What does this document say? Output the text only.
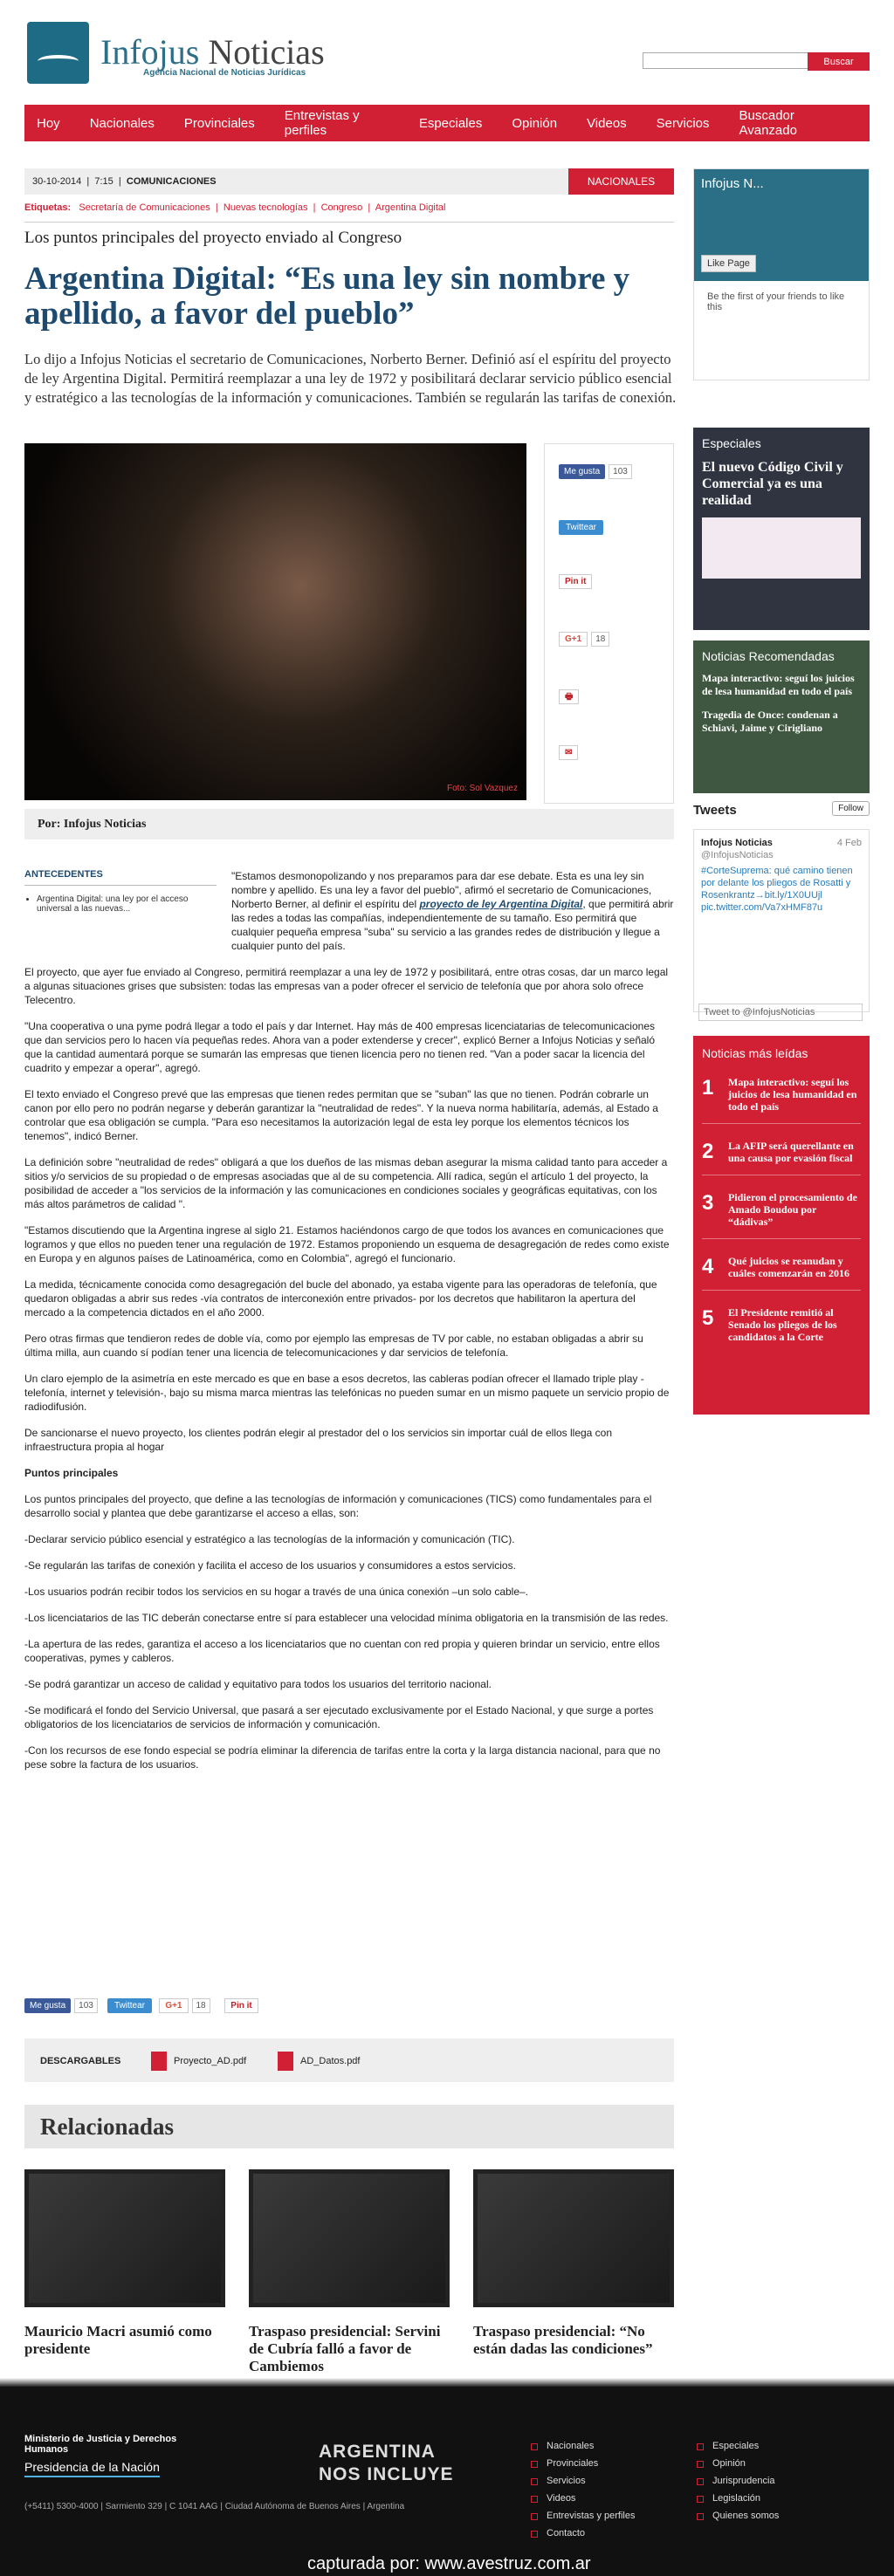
Infojus Noticias
Agencia Nacional de Noticias Jurídicas
Buscar
Hoy Nacionales Provinciales Entrevistas y perfiles	Especiales Opinión Videos Servicios Buscador Avanzado
30-10-2014  |  7:15  |  COMUNICACIONES	NACIONALES
Etiquetas: Secretaría de Comunicaciones  |  Nuevas tecnologías  |  Congreso  |  Argentina Digital
Los puntos principales del proyecto enviado al Congreso
Argentina Digital: “Es una ley sin nombre y apellido, a favor del pueblo”
Lo dijo a Infojus Noticias el secretario de Comunicaciones, Norberto Berner. Definió así el espíritu del proyecto de ley Argentina Digital. Permitirá reemplazar a una ley de 1972 y posibilitará declarar servicio público esencial y estratégico a las tecnologías de la información y comunicaciones. También se regularán las tarifas de conexión.
Foto: Sol Vazquez
Me gusta 103
Twittear
Pin it
G+1 18
🖶
✉
Por: Infojus Noticias
ANTECEDENTES
• Argentina Digital: una ley por el acceso universal a las nuevas...

"Estamos desmonopolizando y nos preparamos para dar ese debate. Esta es una ley sin nombre y apellido. Es una ley a favor del pueblo", afirmó el secretario de Comunicaciones, Norberto Berner, al definir el espíritu del proyecto de ley Argentina Digital, que permitirá abrir las redes a todas las compañías, independientemente de su tamaño. Eso permitirá que cualquier pequeña empresa "suba" su servicio a las grandes redes de distribución y llegue a cualquier punto del país.

El proyecto, que ayer fue enviado al Congreso, permitirá reemplazar a una ley de 1972 y posibilitará, entre otras cosas, dar un marco legal a algunas situaciones grises que subsisten: todas las empresas van a poder ofrecer el servicio de telefonía que por ahora solo ofrece Telecentro.

"Una cooperativa o una pyme podrá llegar a todo el país y dar Internet. Hay más de 400 empresas licenciatarias de telecomunicaciones que dan servicios pero lo hacen vía pequeñas redes. Ahora van a poder extenderse y crecer", explicó Berner a Infojus Noticias y señaló que la cantidad aumentará porque se sumarán las empresas que tienen licencia pero no tienen red. "Van a poder sacar la licencia del cuadrito y empezar a operar", agregó.

El texto enviado el Congreso prevé que las empresas que tienen redes permitan que se "suban" las que no tienen. Podrán cobrarle un canon por ello pero no podrán negarse y deberán garantizar la "neutralidad de redes". Y la nueva norma habilitaría, además, al Estado a controlar que esa obligación se cumpla. "Para eso necesitamos la autorización legal de esta ley porque los elementos técnicos los tenemos", indicó Berner.

La definición sobre "neutralidad de redes" obligará a que los dueños de las mismas deban asegurar la misma calidad tanto para acceder a sitios y/o servicios de su propiedad o de empresas asociadas que al de su competencia. Allí radica, según el artículo 1 del proyecto, la posibilidad de acceder a "los servicios de la información y las comunicaciones en condiciones sociales y geográficas equitativas, con los más altos parámetros de calidad ".

"Estamos discutiendo que la Argentina ingrese al siglo 21. Estamos haciéndonos cargo de que todos los avances en comunicaciones que logramos y que ellos no pueden tener una regulación de 1972. Estamos proponiendo un esquema de desagregación de redes como existe en Europa y en algunos países de Latinoamérica, como en Colombia", agregó el funcionario.

La medida, técnicamente conocida como desagregación del bucle del abonado, ya estaba vigente para las operadoras de telefonía, que quedaron obligadas a abrir sus redes -vía contratos de interconexión entre privados- por los decretos que habilitaron la apertura del mercado a la competencia dictados en el año 2000.

Pero otras firmas que tendieron redes de doble vía, como por ejemplo las empresas de TV por cable, no estaban obligadas a abrir su última milla, aun cuando sí podían tener una licencia de telecomunicaciones y dar servicios de telefonía.

Un claro ejemplo de la asimetría en este mercado es que en base a esos decretos, las cableras podían ofrecer el llamado triple play -telefonía, internet y televisión-, bajo su misma marca mientras las telefónicas no pueden sumar en un mismo paquete un servicio propio de radiodifusión.

De sancionarse el nuevo proyecto, los clientes podrán elegir al prestador del o los servicios sin importar cuál de ellos llega con infraestructura propia al hogar

Puntos principales

Los puntos principales del proyecto, que define a las tecnologías de información y comunicaciones (TICS) como fundamentales para el desarrollo social y plantea que debe garantizarse el acceso a ellas, son:

-Declarar servicio público esencial y estratégico a las tecnologías de la información y comunicación (TIC).

-Se regularán las tarifas de conexión y facilita el acceso de los usuarios y consumidores a estos servicios.

-Los usuarios podrán recibir todos los servicios en su hogar a través de una única conexión –un solo cable–.

-Los licenciatarios de las TIC deberán conectarse entre sí para establecer una velocidad mínima obligatoria en la transmisión de las redes.

-La apertura de las redes, garantiza el acceso a los licenciatarios que no cuentan con red propia y quieren brindar un servicio, entre ellos cooperativas, pymes y cableros.

-Se podrá garantizar un acceso de calidad y equitativo para todos los usuarios del territorio nacional.

-Se modificará el fondo del Servicio Universal, que pasará a ser ejecutado exclusivamente por el Estado Nacional, y que surge a portes obligatorios de los licenciatarios de servicios de información y comunicación.

-Con los recursos de ese fondo especial se podría eliminar la diferencia de tarifas entre la corta y la larga distancia nacional, para que no pese sobre la factura de los usuarios.

Me gusta 103 Twittear G+1 18	Pin it
DESCARGABLES	Proyecto_AD.pdf	AD_Datos.pdf
Relacionadas
Mauricio Macri asumió como presidente
Traspaso presidencial: Servini de Cubría falló a favor de Cambiemos
Traspaso presidencial: “No están dadas las condiciones”
Infojus N...
Like Page
Be the first of your friends to like this
Especiales
El nuevo Código Civil y Comercial ya es una realidad
Noticias Recomendadas

Mapa interactivo: seguí los juicios de lesa humanidad en todo el país

Tragedia de Once: condenan a Schiavi, Jaime y Cirigliano

Tweets	Follow
Infojus Noticias	4 Feb
@InfojusNoticias
#CorteSuprema: qué camino tienen por delante los pliegos de Rosatti y Rosenkrantz→bit.ly/1X0UUjl pic.twitter.com/Va7xHMF87u
Tweet to @InfojusNoticias
Noticias más leídas
1	Mapa interactivo: seguí los juicios de lesa humanidad en todo el país
2	La AFIP será querellante en una causa por evasión fiscal
3	Pidieron el procesamiento de Amado Boudou por “dádivas”
4	Qué juicios se reanudan y cuáles comenzarán en 2016
5	El Presidente remitió al Senado los pliegos de los candidatos a la Corte
Ministerio de Justicia y Derechos Humanos
Presidencia de la Nación
(+5411) 5300-4000 | Sarmiento 329 | C 1041 AAG | Ciudad Autónoma de Buenos Aires | Argentina
ARGENTINA
NOS INCLUYE
Nacionales
Provinciales
Servicios
Videos
Entrevistas y perfiles
Contacto
Especiales
Opinión
Jurisprudencia
Legislación
Quienes somos
capturada por: www.avestruz.com.ar
